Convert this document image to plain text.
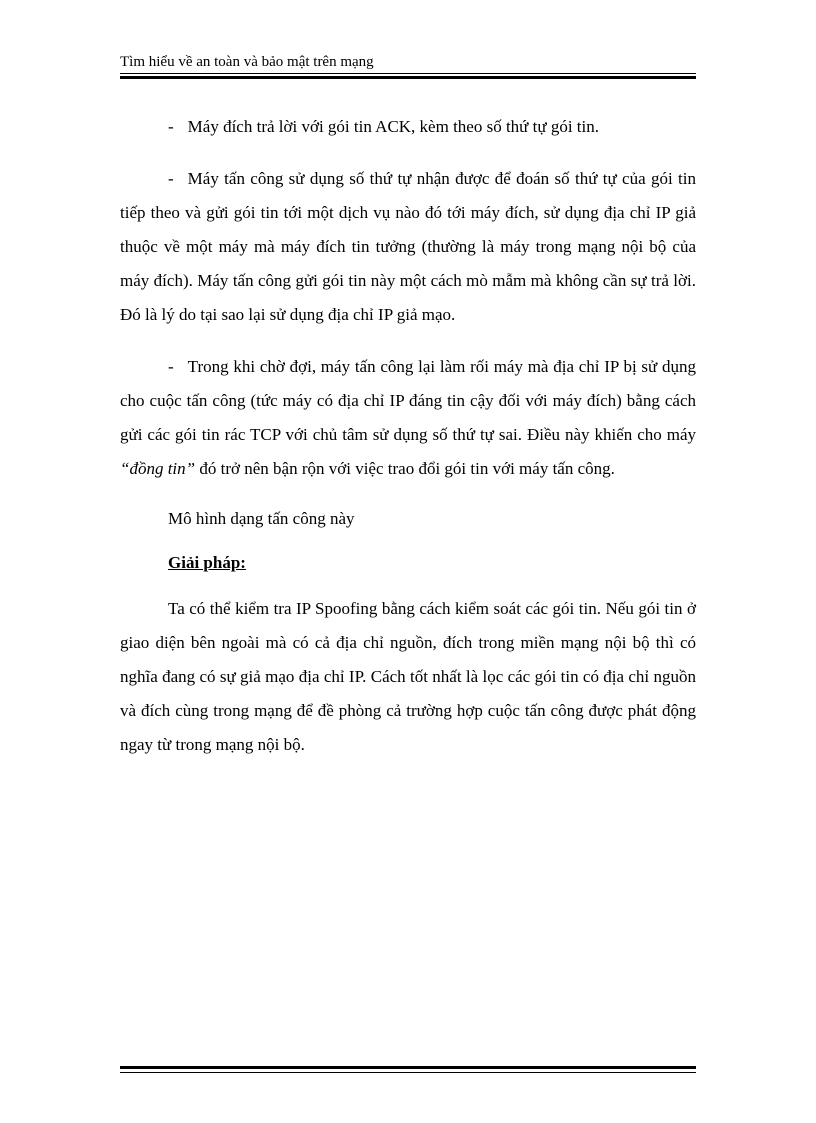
Tìm hiểu về an toàn và bảo mật trên mạng

- Máy đích trả lời với gói tin ACK, kèm theo số thứ tự gói tin.

- Máy tấn công sử dụng số thứ tự nhận được để đoán số thứ tự của gói tin tiếp theo và gửi gói tin tới một dịch vụ nào đó tới máy đích, sử dụng địa chỉ IP giả thuộc về một máy mà máy đích tin tưởng (thường là máy trong mạng nội bộ của máy đích). Máy tấn công gửi gói tin này một cách mò mẫm mà không cần sự trả lời. Đó là lý do tại sao lại sử dụng địa chỉ IP giả mạo.

- Trong khi chờ đợi, máy tấn công lại làm rối máy mà địa chỉ IP bị sử dụng cho cuộc tấn công (tức máy có địa chỉ IP đáng tin cậy đối với máy đích) bằng cách gửi các gói tin rác TCP với chủ tâm sử dụng số thứ tự sai. Điều này khiến cho máy “đồng tin” đó trở nên bận rộn với việc trao đổi gói tin với máy tấn công.

Mô hình dạng tấn công này

Giải pháp:

Ta có thể kiểm tra IP Spoofing bằng cách kiểm soát các gói tin. Nếu gói tin ở giao diện bên ngoài mà có cả địa chỉ nguồn, đích trong miền mạng nội bộ thì có nghĩa đang có sự giả mạo địa chỉ IP. Cách tốt nhất là lọc các gói tin có địa chỉ nguồn và đích cùng trong mạng để đề phòng cả trường hợp cuộc tấn công được phát động ngay từ trong mạng nội bộ.
